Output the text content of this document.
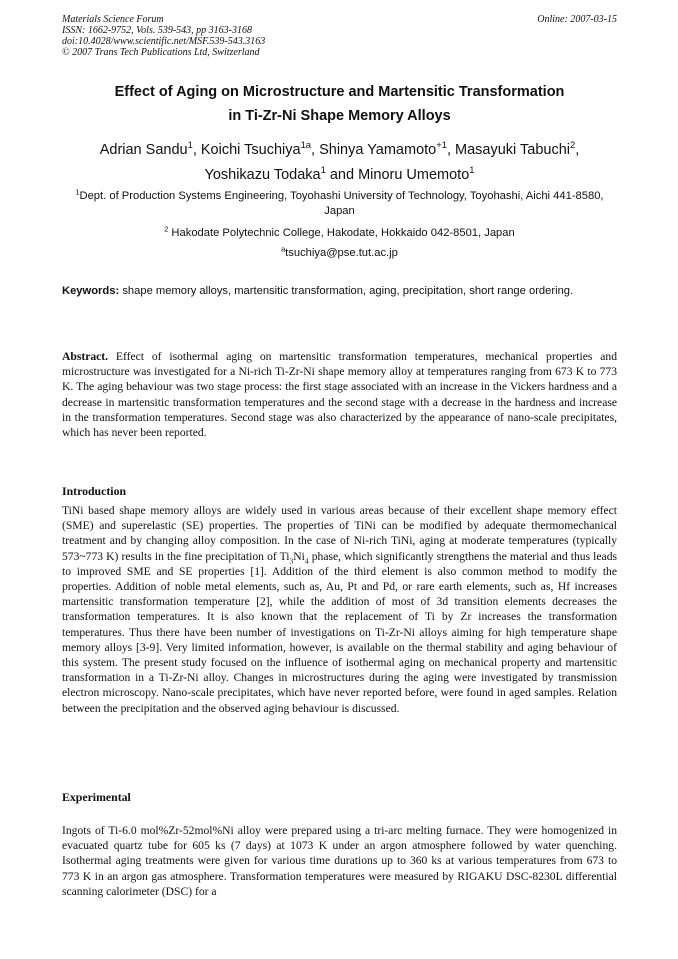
Materials Science Forum
ISSN: 1662-9752, Vols. 539-543, pp 3163-3168
doi:10.4028/www.scientific.net/MSF.539-543.3163
© 2007 Trans Tech Publications Ltd, Switzerland
Online: 2007-03-15
Effect of Aging on Microstructure and Martensitic Transformation
in Ti-Zr-Ni Shape Memory Alloys
Adrian Sandu$^1$, Koichi Tsuchiya$^{1a}$, Shinya Yamamoto$^{+1}$, Masayuki Tabuchi$^2$,
Yoshikazu Todaka$^1$ and Minoru Umemoto$^1$
$^1$Dept. of Production Systems Engineering, Toyohashi University of Technology, Toyohashi, Aichi 441-8580, Japan
$^2$ Hakodate Polytechnic College, Hakodate, Hokkaido 042-8501, Japan
$^a$tsuchiya@pse.tut.ac.jp
Keywords: shape memory alloys, martensitic transformation, aging, precipitation, short range ordering.
Abstract. Effect of isothermal aging on martensitic transformation temperatures, mechanical properties and microstructure was investigated for a Ni-rich Ti-Zr-Ni shape memory alloy at temperatures ranging from 673 K to 773 K. The aging behaviour was two stage process: the first stage associated with an increase in the Vickers hardness and a decrease in martensitic transformation temperatures and the second stage with a decrease in the hardness and increase in the transformation temperatures. Second stage was also characterized by the appearance of nano-scale precipitates, which has never been reported.
Introduction
TiNi based shape memory alloys are widely used in various areas because of their excellent shape memory effect (SME) and superelastic (SE) properties. The properties of TiNi can be modified by adequate thermomechanical treatment and by changing alloy composition. In the case of Ni-rich TiNi, aging at moderate temperatures (typically 573~773 K) results in the fine precipitation of $Ti_3Ni_4$ phase, which significantly strengthens the material and thus leads to improved SME and SE properties [1]. Addition of the third element is also common method to modify the properties. Addition of noble metal elements, such as, Au, Pt and Pd, or rare earth elements, such as, Hf increases martensitic transformation temperature [2], while the addition of most of 3d transition elements decreases the transformation temperatures. It is also known that the replacement of Ti by Zr increases the transformation temperatures. Thus there have been number of investigations on Ti-Zr-Ni alloys aiming for high temperature shape memory alloys [3-9]. Very limited information, however, is available on the thermal stability and aging behaviour of this system. The present study focused on the influence of isothermal aging on mechanical property and martensitic transformation in a Ti-Zr-Ni alloy. Changes in microstructures during the aging were investigated by transmission electron microscopy. Nano-scale precipitates, which have never reported before, were found in aged samples. Relation between the precipitation and the observed aging behaviour is discussed.
Experimental
Ingots of Ti-6.0 mol%Zr-52mol%Ni alloy were prepared using a tri-arc melting furnace. They were homogenized in evacuated quartz tube for 605 ks (7 days) at 1073 K under an argon atmosphere followed by water quenching. Isothermal aging treatments were given for various time durations up to 360 ks at various temperatures from 673 to 773 K in an argon gas atmosphere. Transformation temperatures were measured by RIGAKU DSC-8230L differential scanning calorimeter (DSC) for a
